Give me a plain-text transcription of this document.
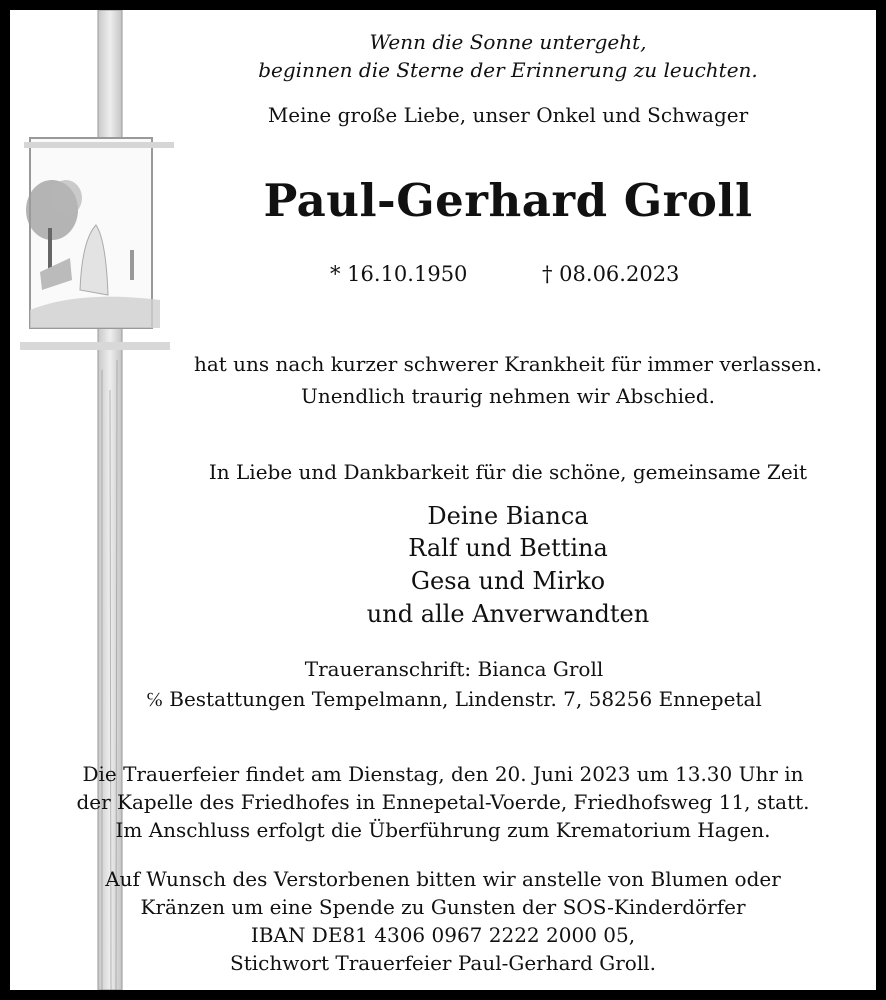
Wenn die Sonne untergeht,
beginnen die Sterne der Erinnerung zu leuchten.
Meine große Liebe, unser Onkel und Schwager
Paul-Gerhard Groll
* 16.10.1950	† 08.06.2023
hat uns nach kurzer schwerer Krankheit für immer verlassen.
Unendlich traurig nehmen wir Abschied.
In Liebe und Dankbarkeit für die schöne, gemeinsame Zeit
Deine Bianca
Ralf und Bettina
Gesa und Mirko
und alle Anverwandten
Traueranschrift: Bianca Groll
℅ Bestattungen Tempelmann, Lindenstr. 7, 58256 Ennepetal
Die Trauerfeier findet am Dienstag, den 20. Juni 2023 um 13.30 Uhr in
der Kapelle des Friedhofes in Ennepetal-Voerde, Friedhofsweg 11, statt.
Im Anschluss erfolgt die Überführung zum Krematorium Hagen.
Auf Wunsch des Verstorbenen bitten wir anstelle von Blumen oder
Kränzen um eine Spende zu Gunsten der SOS-Kinderdörfer
IBAN DE81 4306 0967 2222 2000 05,
Stichwort Trauerfeier Paul-Gerhard Groll.
